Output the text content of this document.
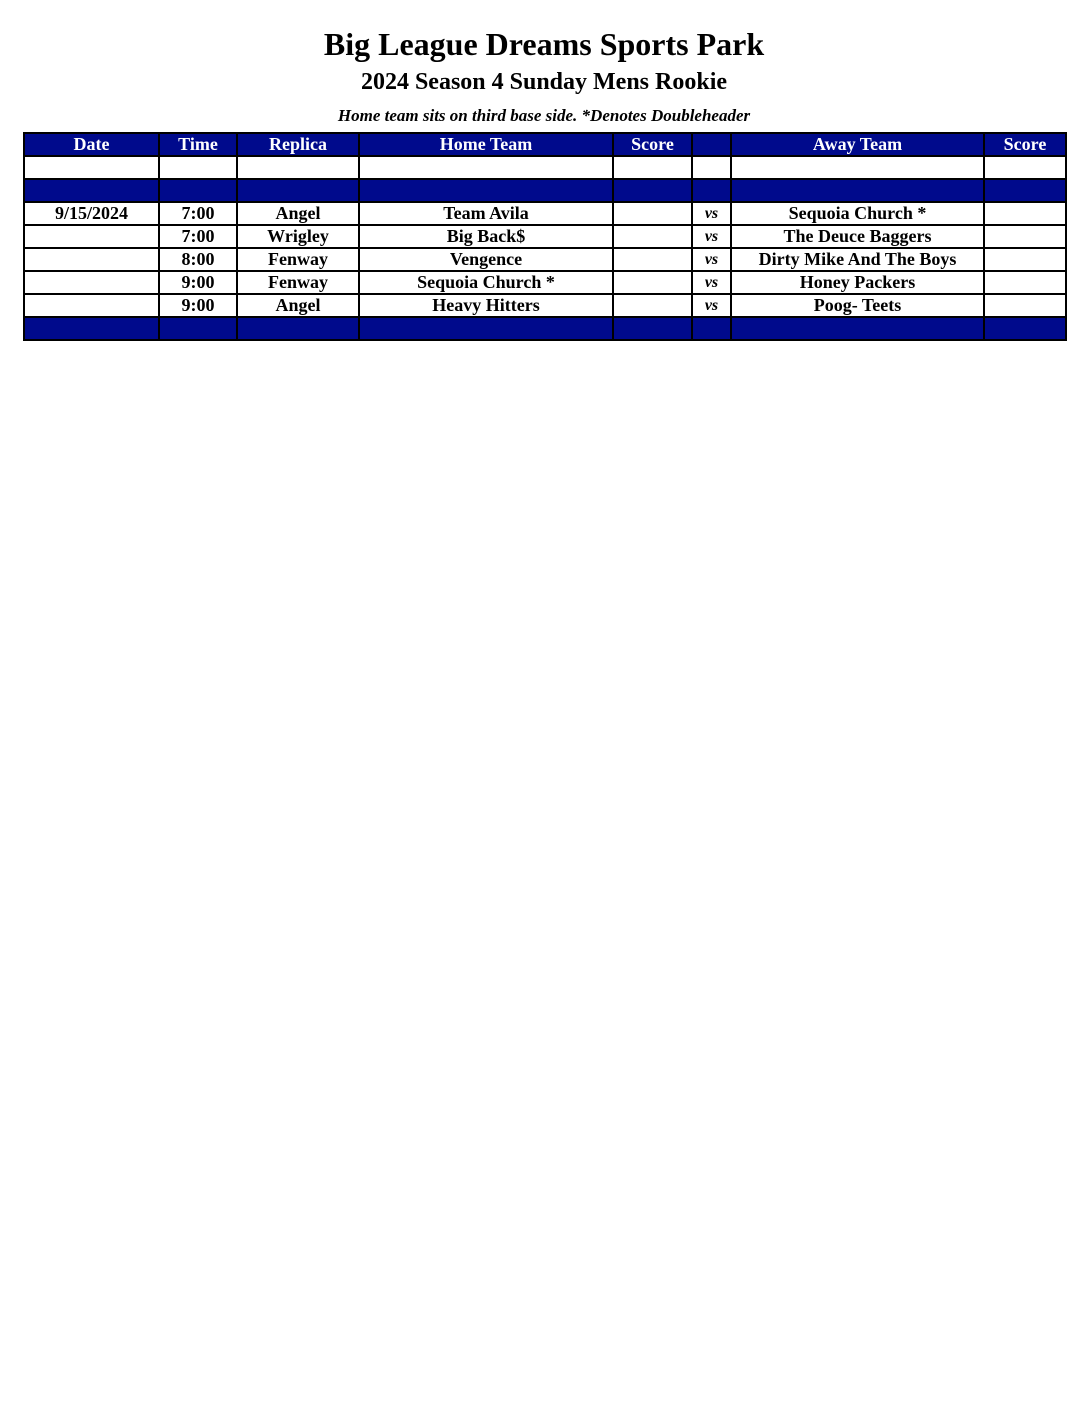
Big League Dreams Sports Park
2024 Season 4 Sunday Mens Rookie
Home team sits on third base side. *Denotes Doubleheader
Date	Time	Replica	Home Team	Score		Away Team	Score

9/15/2024	7:00	Angel	Team Avila		vs	Sequoia Church *	
	7:00	Wrigley	Big Back$		vs	The Deuce Baggers	
	8:00	Fenway	Vengence		vs	Dirty Mike And The Boys	
	9:00	Fenway	Sequoia Church *		vs	Honey Packers	
	9:00	Angel	Heavy Hitters		vs	Poog- Teets	
